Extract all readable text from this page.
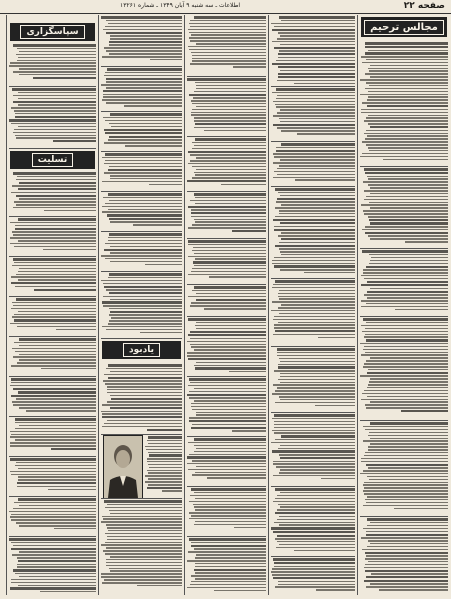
صفحه ۲۲
اطلاعات ـ سه شنبه ۹ آبان ۱۳۴۹ ـ شماره ۱۳۲۶۱
مجالس ترحیم
یادبود
سپاسگزاری
تسلیت
